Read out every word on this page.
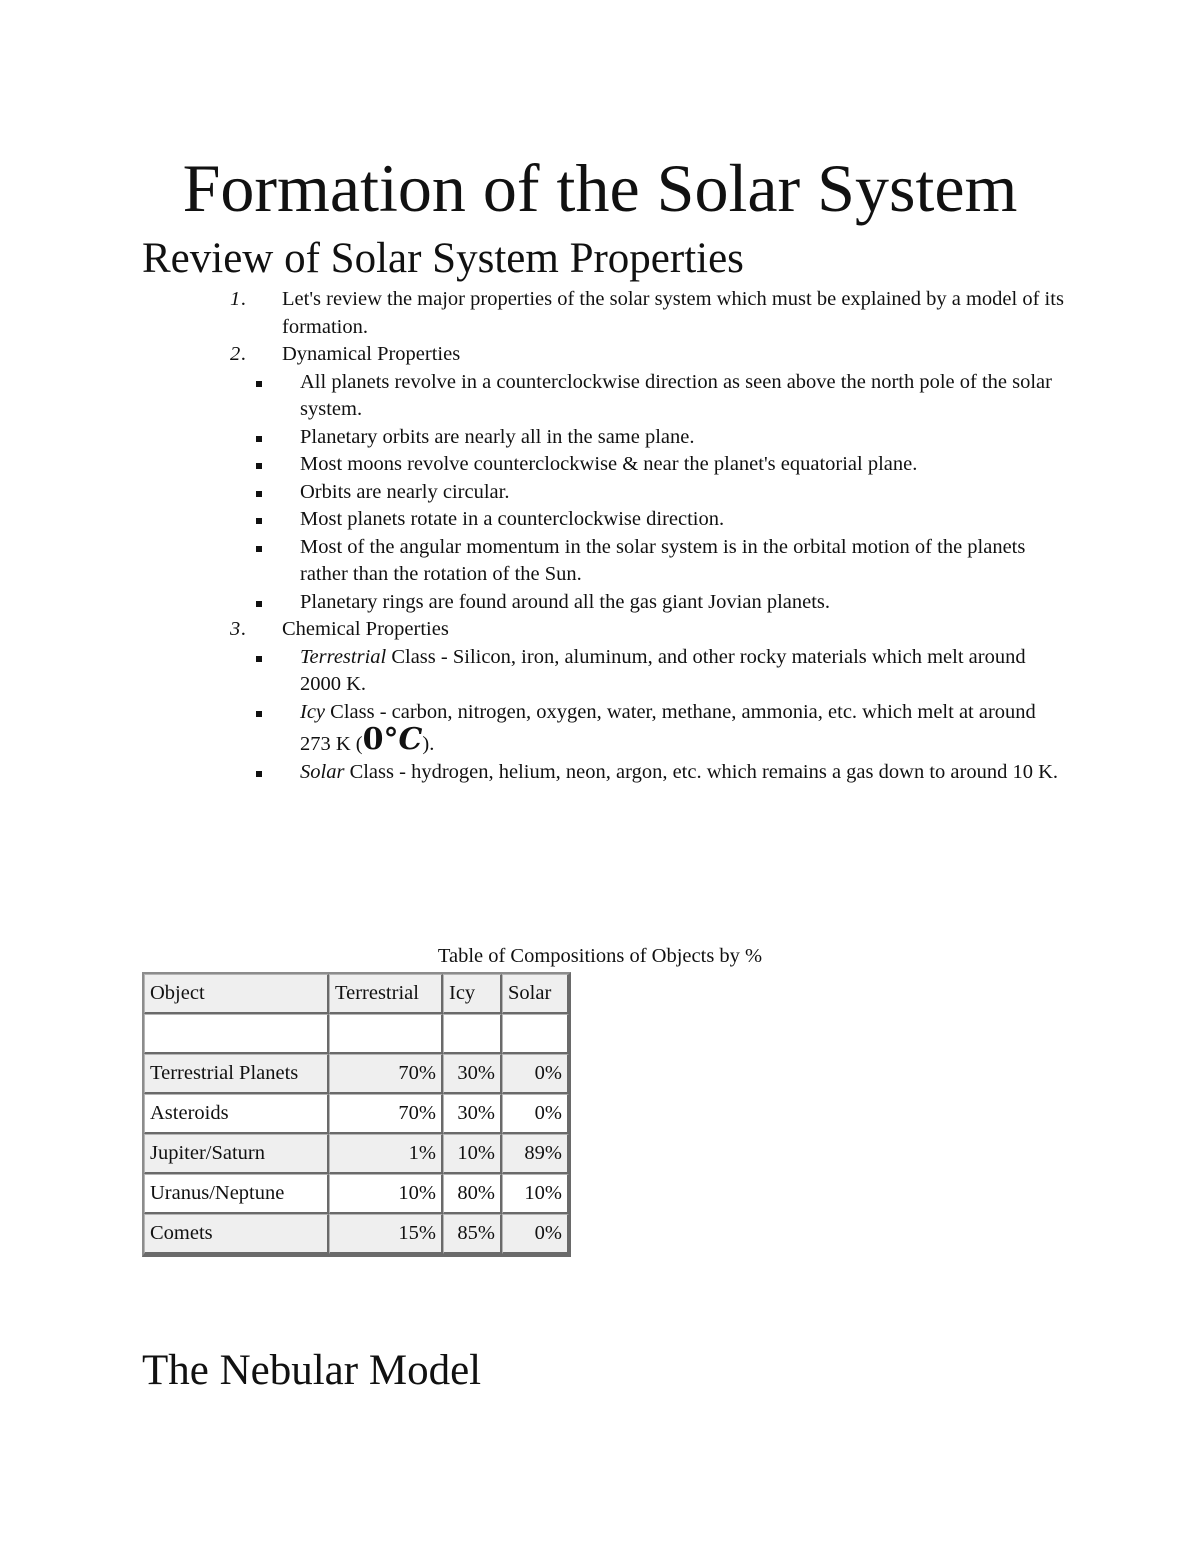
Formation of the Solar System
Review of Solar System Properties
1. Let's review the major properties of the solar system which must be explained by a model of its formation.
2. Dynamical Properties
All planets revolve in a counterclockwise direction as seen above the north pole of the solar system.
Planetary orbits are nearly all in the same plane.
Most moons revolve counterclockwise & near the planet's equatorial plane.
Orbits are nearly circular.
Most planets rotate in a counterclockwise direction.
Most of the angular momentum in the solar system is in the orbital motion of the planets rather than the rotation of the Sun.
Planetary rings are found around all the gas giant Jovian planets.
3. Chemical Properties
Terrestrial Class - Silicon, iron, aluminum, and other rocky materials which melt around 2000 K.
Icy Class - carbon, nitrogen, oxygen, water, methane, ammonia, etc. which melt at around 273 K (0°C).
Solar Class - hydrogen, helium, neon, argon, etc. which remains a gas down to around 10 K.
Table of Compositions of Objects by %
Object	Terrestrial	Icy	Solar

Terrestrial Planets	70%	30%	0%
Asteroids	70%	30%	0%
Jupiter/Saturn	1%	10%	89%
Uranus/Neptune	10%	80%	10%
Comets	15%	85%	0%
The Nebular Model
